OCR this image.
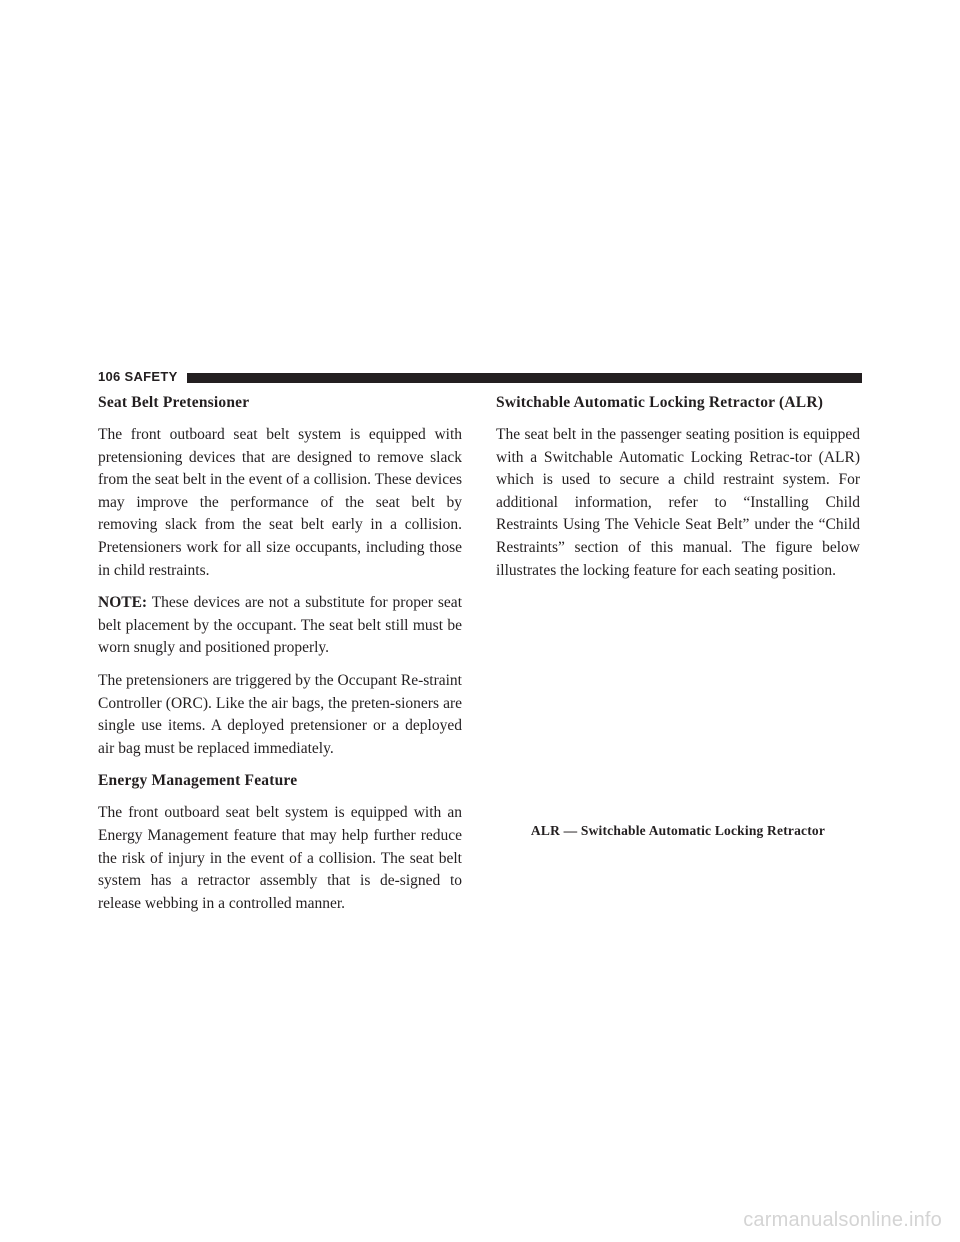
106 SAFETY
Seat Belt Pretensioner

The front outboard seat belt system is equipped with pretensioning devices that are designed to remove slack from the seat belt in the event of a collision. These devices may improve the performance of the seat belt by removing slack from the seat belt early in a collision. Pretensioners work for all size occupants, including those in child restraints.

NOTE: These devices are not a substitute for proper seat belt placement by the occupant. The seat belt still must be worn snugly and positioned properly.

The pretensioners are triggered by the Occupant Re-straint Controller (ORC). Like the air bags, the preten-sioners are single use items. A deployed pretensioner or a deployed air bag must be replaced immediately.

Energy Management Feature

The front outboard seat belt system is equipped with an Energy Management feature that may help further reduce the risk of injury in the event of a collision. The seat belt system has a retractor assembly that is de-signed to release webbing in a controlled manner.

Switchable Automatic Locking Retractor (ALR)

The seat belt in the passenger seating position is equipped with a Switchable Automatic Locking Retrac-tor (ALR) which is used to secure a child restraint system. For additional information, refer to “Installing Child Restraints Using The Vehicle Seat Belt” under the “Child Restraints” section of this manual. The figure below illustrates the locking feature for each seating position.

ALR — Switchable Automatic Locking Retractor
carmanualsonline.info
